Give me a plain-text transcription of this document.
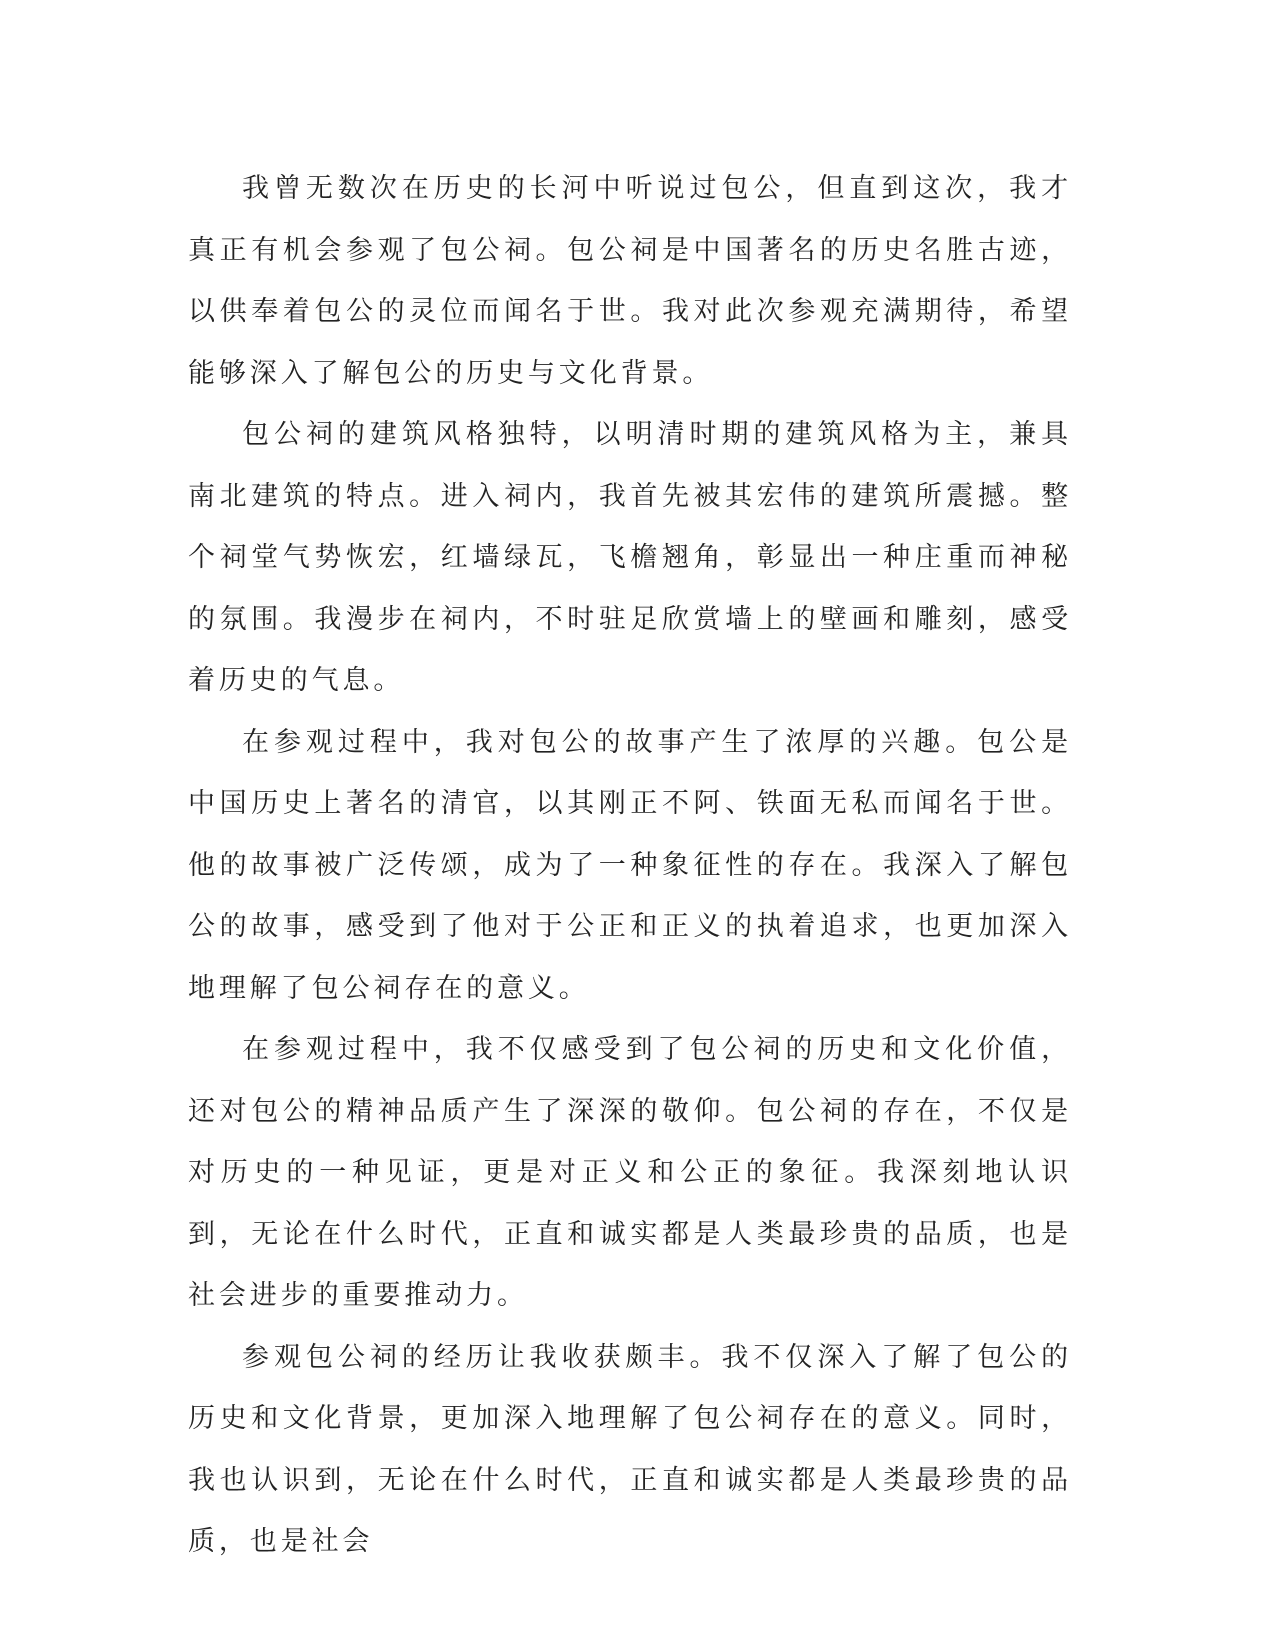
我曾无数次在历史的长河中听说过包公，但直到这次，我才真正有机会参观了包公祠。包公祠是中国著名的历史名胜古迹，以供奉着包公的灵位而闻名于世。我对此次参观充满期待，希望能够深入了解包公的历史与文化背景。

包公祠的建筑风格独特，以明清时期的建筑风格为主，兼具南北建筑的特点。进入祠内，我首先被其宏伟的建筑所震撼。整个祠堂气势恢宏，红墙绿瓦，飞檐翘角，彰显出一种庄重而神秘的氛围。我漫步在祠内，不时驻足欣赏墙上的壁画和雕刻，感受着历史的气息。

在参观过程中，我对包公的故事产生了浓厚的兴趣。包公是中国历史上著名的清官，以其刚正不阿、铁面无私而闻名于世。他的故事被广泛传颂，成为了一种象征性的存在。我深入了解包公的故事，感受到了他对于公正和正义的执着追求，也更加深入地理解了包公祠存在的意义。

在参观过程中，我不仅感受到了包公祠的历史和文化价值，还对包公的精神品质产生了深深的敬仰。包公祠的存在，不仅是对历史的一种见证，更是对正义和公正的象征。我深刻地认识到，无论在什么时代，正直和诚实都是人类最珍贵的品质，也是社会进步的重要推动力。

参观包公祠的经历让我收获颇丰。我不仅深入了解了包公的历史和文化背景，更加深入地理解了包公祠存在的意义。同时，我也认识到，无论在什么时代，正直和诚实都是人类最珍贵的品质，也是社会
